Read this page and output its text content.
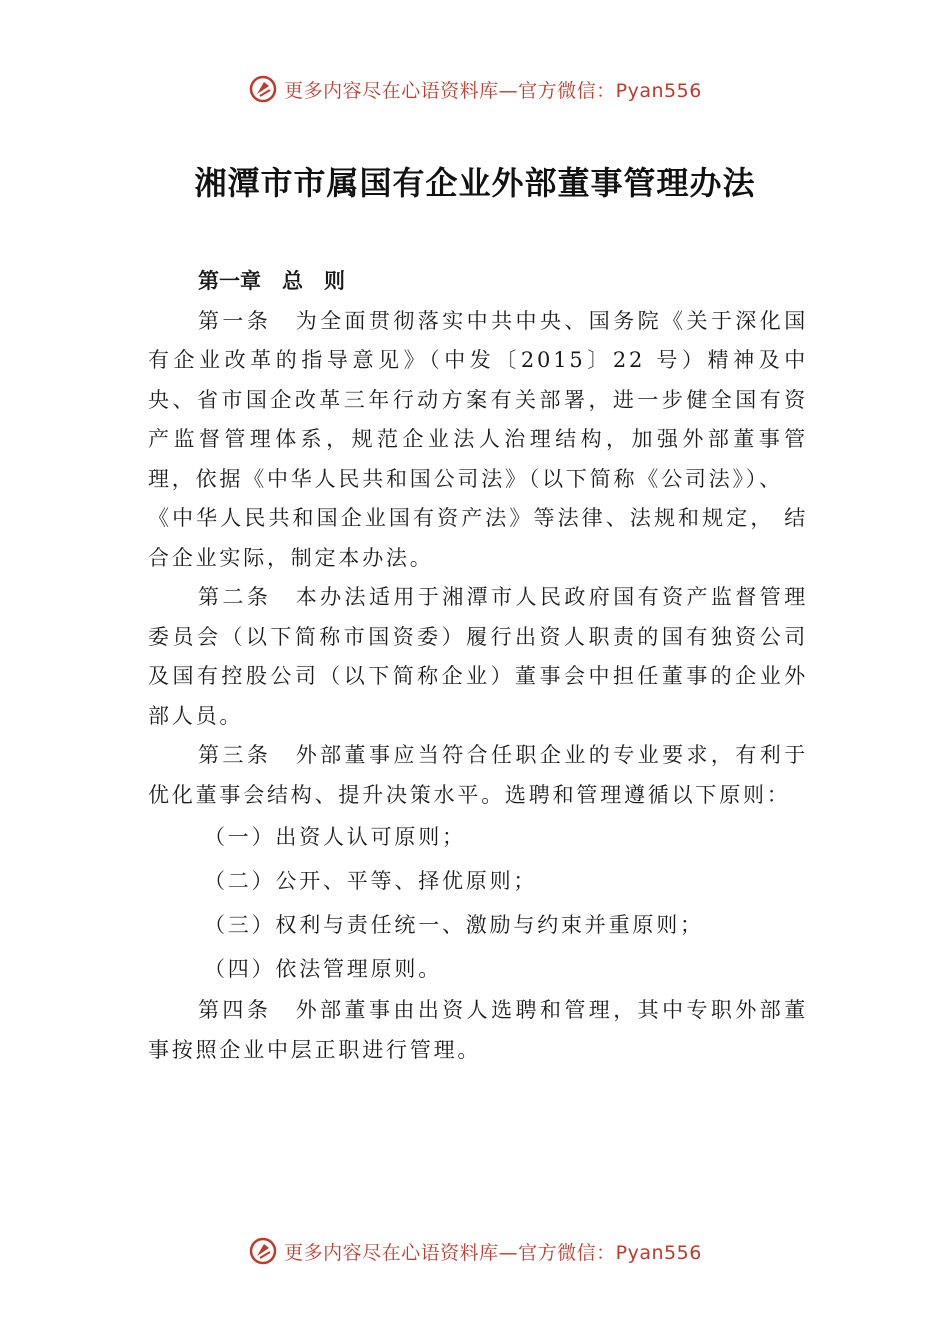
更多内容尽在心语资料库—官方微信：Pyan556
湘潭市市属国有企业外部董事管理办法
第一章　总　则

第一条　为全面贯彻落实中共中央、国务院《关于深化国有企业改革的指导意见》（中发〔2015〕22 号）精神及中央、省市国企改革三年行动方案有关部署，进一步健全国有资产监督管理体系，规范企业法人治理结构，加强外部董事管理，依据《中华人民共和国公司法》（以下简称《公司法》）、

《中华人民共和国企业国有资产法》等法律、法规和规定， 结合企业实际，制定本办法。

第二条　本办法适用于湘潭市人民政府国有资产监督管理委员会（以下简称市国资委）履行出资人职责的国有独资公司及国有控股公司（以下简称企业）董事会中担任董事的企业外部人员。

第三条　外部董事应当符合任职企业的专业要求，有利于优化董事会结构、提升决策水平。选聘和管理遵循以下原则：

（一）出资人认可原则；

（二）公开、平等、择优原则；

（三）权利与责任统一、激励与约束并重原则；

（四）依法管理原则。

第四条　外部董事由出资人选聘和管理，其中专职外部董事按照企业中层正职进行管理。

更多内容尽在心语资料库—官方微信：Pyan556
